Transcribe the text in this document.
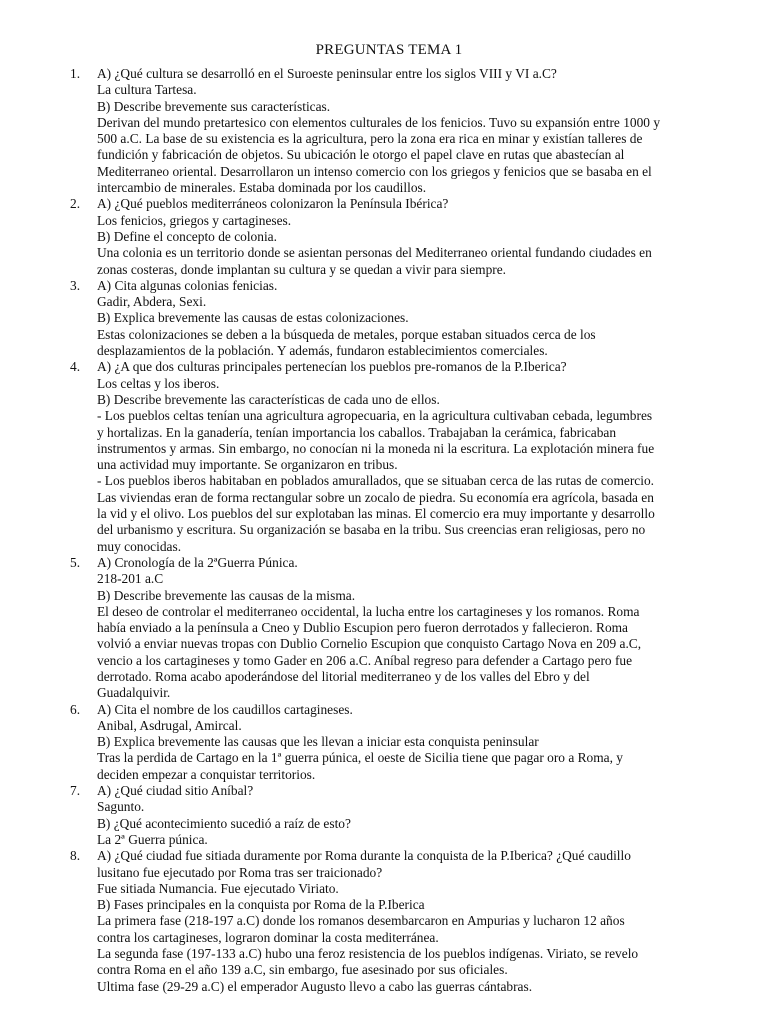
PREGUNTAS TEMA 1
1. A) ¿Qué cultura se desarrolló en el Suroeste peninsular entre los siglos VIII y VI a.C?
La cultura Tartesa.
B) Describe brevemente sus características.
Derivan del mundo pretartesico con elementos culturales de los fenicios. Tuvo su expansión entre 1000 y
500 a.C. La base de su existencia es la agricultura, pero la zona era rica en minar y existían talleres de
fundición y fabricación de objetos. Su ubicación le otorgo el papel clave en rutas que abastecían al
Mediterraneo oriental. Desarrollaron un intenso comercio con los griegos y fenicios que se basaba en el
intercambio de minerales. Estaba dominada por los caudillos.
2. A) ¿Qué pueblos mediterráneos colonizaron la Península Ibérica?
Los fenicios, griegos y cartagineses.
B) Define el concepto de colonia.
Una colonia es un territorio donde se asientan personas del Mediterraneo oriental fundando ciudades en
zonas costeras, donde implantan su cultura y se quedan a vivir para siempre.
3. A) Cita algunas colonias fenicias.
Gadir, Abdera, Sexi.
B) Explica brevemente las causas de estas colonizaciones.
Estas colonizaciones se deben a la búsqueda de metales, porque estaban situados cerca de los
desplazamientos de la población. Y además, fundaron establecimientos comerciales.
4. A) ¿A que dos culturas principales pertenecían los pueblos pre-romanos de la P.Iberica?
Los celtas y los iberos.
B) Describe brevemente las características de cada uno de ellos.
- Los pueblos celtas tenían una agricultura agropecuaria, en la agricultura cultivaban cebada, legumbres
y hortalizas. En la ganadería, tenían importancia los caballos. Trabajaban la cerámica, fabricaban
instrumentos y armas. Sin embargo, no conocían ni la moneda ni la escritura. La explotación minera fue
una actividad muy importante. Se organizaron en tribus.
- Los pueblos iberos habitaban en poblados amurallados, que se situaban cerca de las rutas de comercio.
Las viviendas eran de forma rectangular sobre un zocalo de piedra. Su economía era agrícola, basada en
la vid y el olivo. Los pueblos del sur explotaban las minas. El comercio era muy importante y desarrollo
del urbanismo y escritura. Su organización se basaba en la tribu. Sus creencias eran religiosas, pero no
muy conocidas.
5. A) Cronología de la 2ªGuerra Púnica.
218-201 a.C
B) Describe brevemente las causas de la misma.
El deseo de controlar el mediterraneo occidental, la lucha entre los cartagineses y los romanos. Roma
había enviado a la península a Cneo y Dublio Escupion pero fueron derrotados y fallecieron. Roma
volvió a enviar nuevas tropas con Dublio Cornelio Escupion que conquisto Cartago Nova en 209 a.C,
vencio a los cartagineses y tomo Gader en 206 a.C. Aníbal regreso para defender a Cartago pero fue
derrotado. Roma acabo apoderándose del litorial mediterraneo y de los valles del Ebro y del
Guadalquivir.
6. A) Cita el nombre de los caudillos cartagineses.
Anibal, Asdrugal, Amircal.
B) Explica brevemente las causas que les llevan a iniciar esta conquista peninsular
Tras la perdida de Cartago en la 1ª guerra púnica, el oeste de Sicilia tiene que pagar oro a Roma, y
deciden empezar a conquistar territorios.
7. A) ¿Qué ciudad sitio Aníbal?
Sagunto.
B) ¿Qué acontecimiento sucedió a raíz de esto?
La 2ª Guerra púnica.
8. A) ¿Qué ciudad fue sitiada duramente por Roma durante la conquista de la P.Iberica? ¿Qué caudillo
lusitano fue ejecutado por Roma tras ser traicionado?
Fue sitiada Numancia. Fue ejecutado Viriato.
B) Fases principales en la conquista por Roma de la P.Iberica
La primera fase (218-197 a.C) donde los romanos desembarcaron en Ampurias y lucharon 12 años
contra los cartagineses, lograron dominar la costa mediterránea.
La segunda fase (197-133 a.C) hubo una feroz resistencia de los pueblos indígenas. Viriato, se revelo
contra Roma en el año 139 a.C, sin embargo, fue asesinado por sus oficiales.
Ultima fase (29-29 a.C) el emperador Augusto llevo a cabo las guerras cántabras.
